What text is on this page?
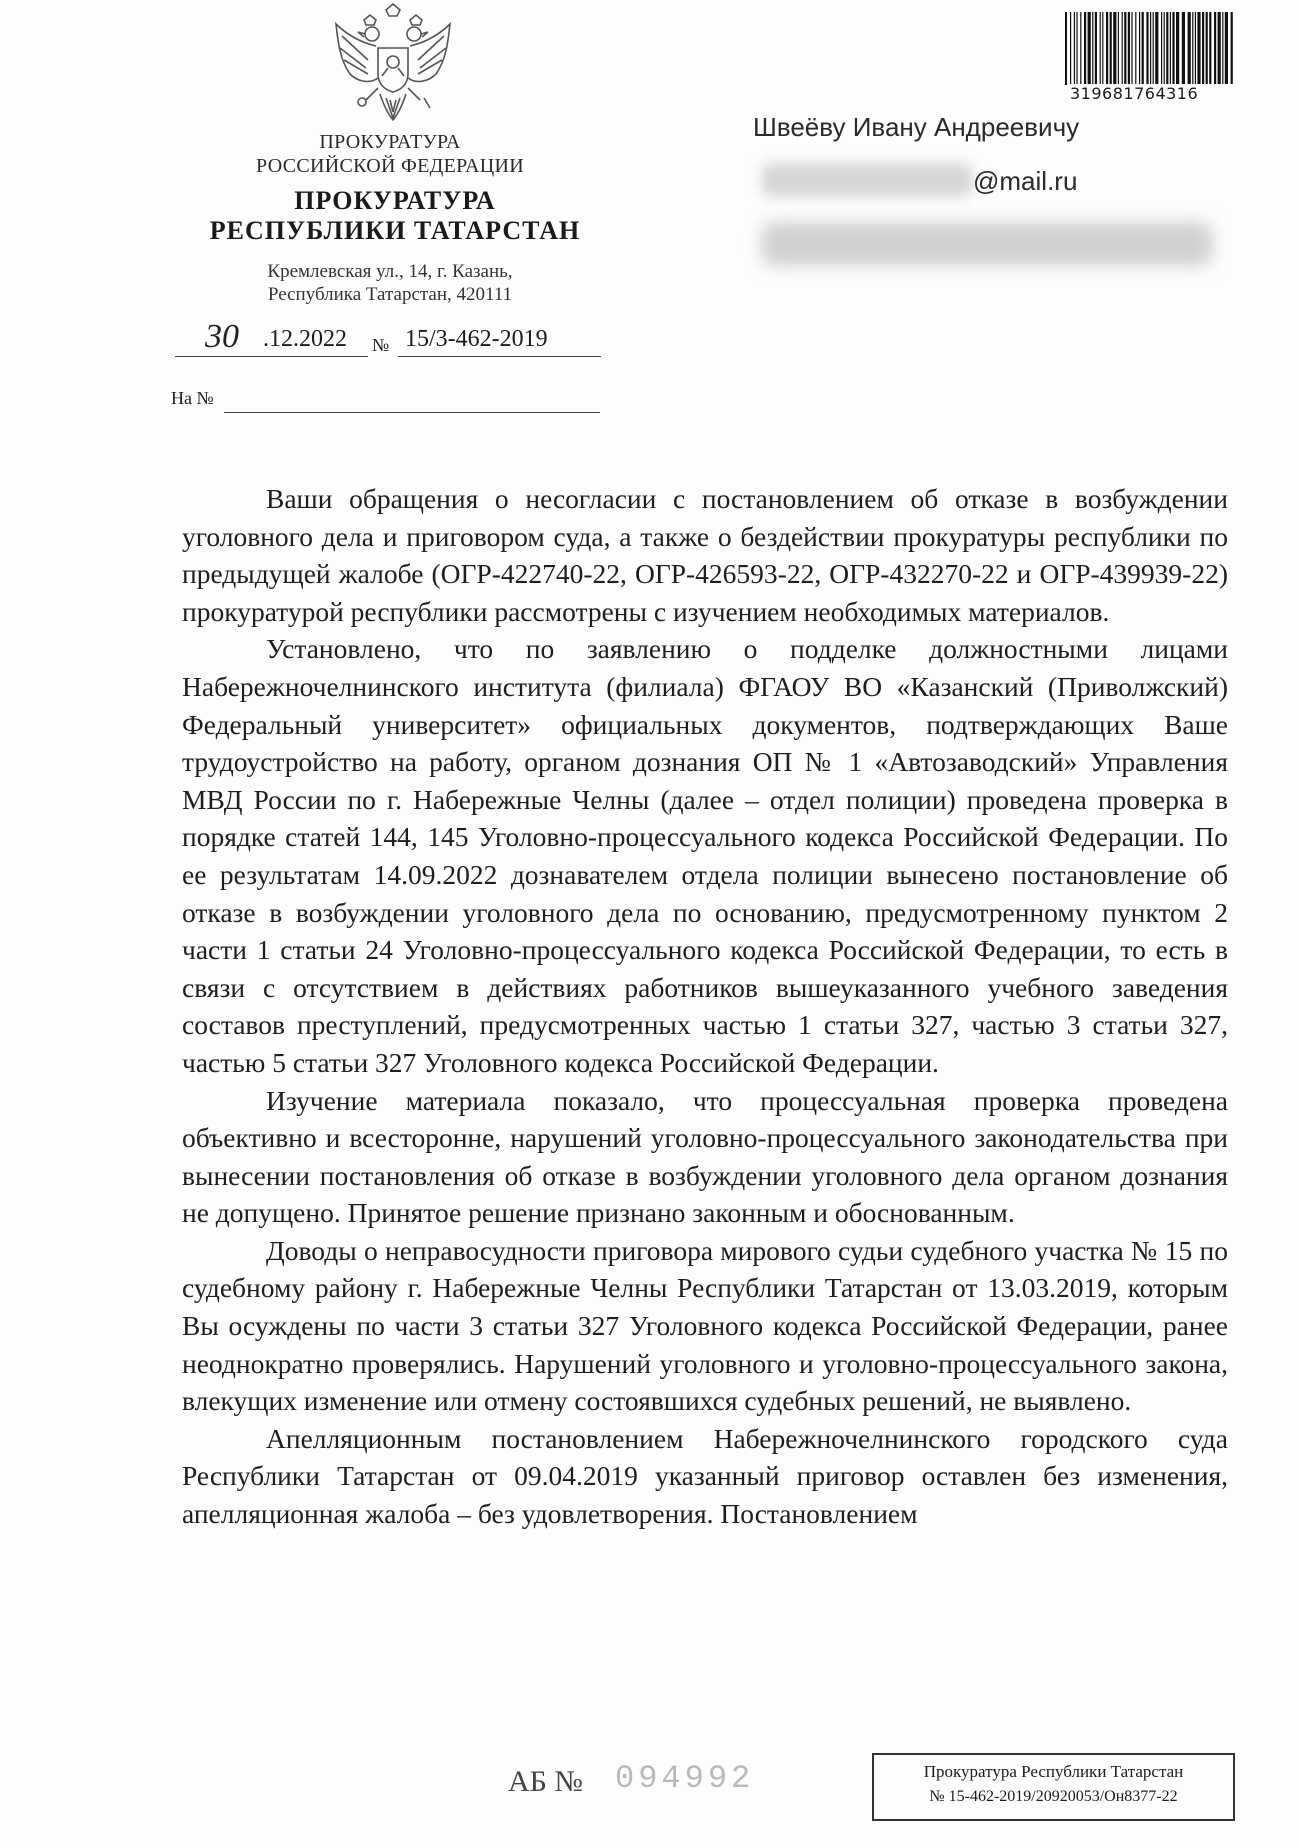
ПРОКУРАТУРА
РОССИЙСКОЙ ФЕДЕРАЦИИ
ПРОКУРАТУРА
РЕСПУБЛИКИ ТАТАРСТАН
Кремлевская ул., 14, г. Казань,
Республика Татарстан, 420111
30 .12.2022 № 15/3-462-2019
На №
319681764316
Швеёву Ивану Андреевичу
@mail.ru

Ваши обращения о несогласии с постановлением об отказе в возбуждении уголовного дела и приговором суда, а также о бездействии прокуратуры республики по предыдущей жалобе (ОГР-422740-22, ОГР-426593-22, ОГР-432270-22 и ОГР-439939-22) прокуратурой республики рассмотрены с изучением необходимых материалов.

Установлено, что по заявлению о подделке должностными лицами Набережночелнинского института (филиала) ФГАОУ ВО «Казанский (Приволжский) Федеральный университет» официальных документов, подтверждающих Ваше трудоустройство на работу, органом дознания ОП № 1 «Автозаводский» Управления МВД России по г. Набережные Челны (далее – отдел полиции) проведена проверка в порядке статей 144, 145 Уголовно-процессуального кодекса Российской Федерации. По ее результатам 14.09.2022 дознавателем отдела полиции вынесено постановление об отказе в возбуждении уголовного дела по основанию, предусмотренному пунктом 2 части 1 статьи 24 Уголовно-процессуального кодекса Российской Федерации, то есть в связи с отсутствием в действиях работников вышеуказанного учебного заведения составов преступлений, предусмотренных частью 1 статьи 327, частью 3 статьи 327, частью 5 статьи 327 Уголовного кодекса Российской Федерации.

Изучение материала показало, что процессуальная проверка проведена объективно и всесторонне, нарушений уголовно-процессуального законодательства при вынесении постановления об отказе в возбуждении уголовного дела органом дознания не допущено. Принятое решение признано законным и обоснованным.

Доводы о неправосудности приговора мирового судьи судебного участка № 15 по судебному району г. Набережные Челны Республики Татарстан от 13.03.2019, которым Вы осуждены по части 3 статьи 327 Уголовного кодекса Российской Федерации, ранее неоднократно проверялись. Нарушений уголовного и уголовно-процессуального закона, влекущих изменение или отмену состоявшихся судебных решений, не выявлено.

Апелляционным постановлением Набережночелнинского городского суда Республики Татарстан от 09.04.2019 указанный приговор оставлен без изменения, апелляционная жалоба – без удовлетворения. Постановлением

АБ № 094992	Прокуратура Республики Татарстан
№ 15-462-2019/20920053/Он8377-22
